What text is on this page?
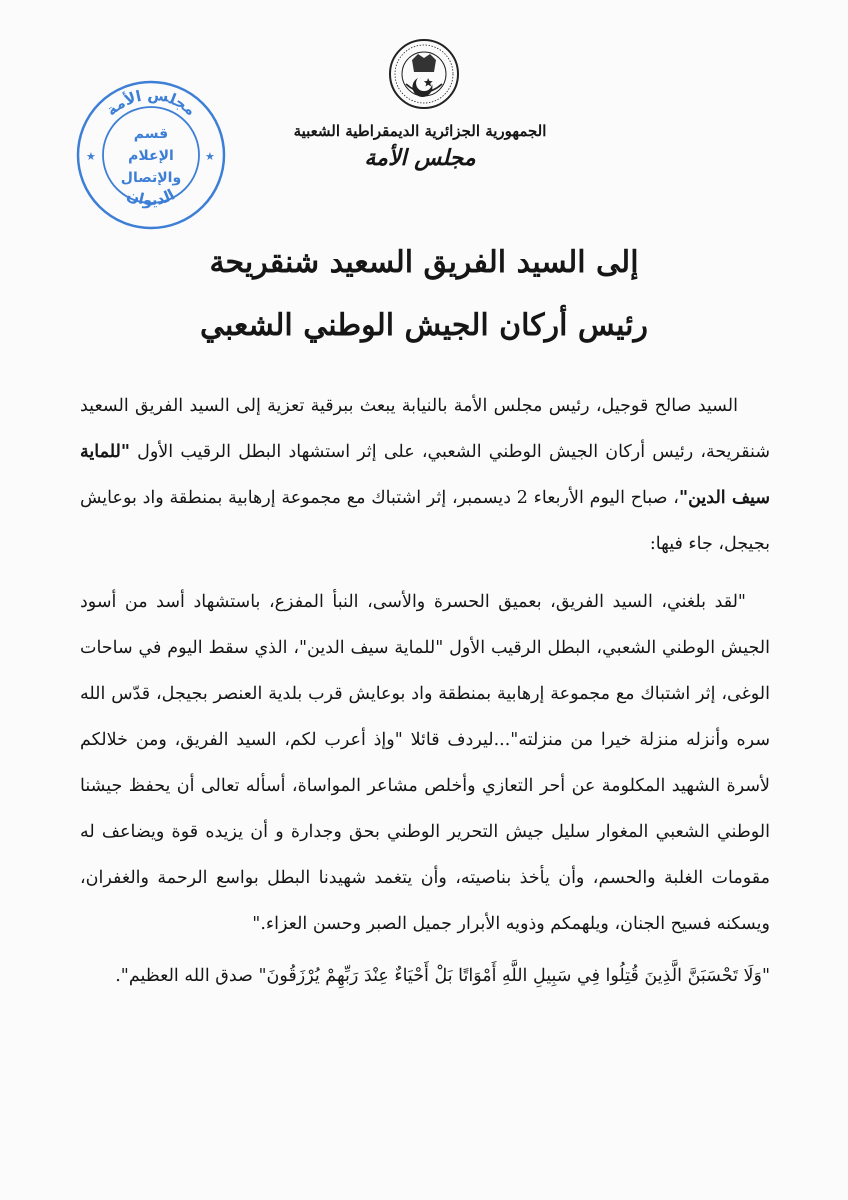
مجلس الأمة
الديوان
★	★
قسم
الإعلام
والإتصال
الجمهورية الجزائرية الديمقراطية الشعبية
مجلس الأمة
إلى السيد الفريق السعيد شنقريحة
رئيس أركان الجيش الوطني الشعبي

السيد صالح قوجيل، رئيس مجلس الأمة بالنيابة يبعث ببرقية تعزية إلى السيد الفريق السعيد شنقريحة، رئيس أركان الجيش الوطني الشعبي، على إثر استشهاد البطل الرقيب الأول "للماية سيف الدين"، صباح اليوم الأربعاء 2 ديسمبر، إثر اشتباك مع مجموعة إرهابية بمنطقة واد بوعايش بجيجل، جاء فيها:

"لقد بلغني، السيد الفريق، بعميق الحسرة والأسى، النبأ المفزع، باستشهاد أسد من أسود الجيش الوطني الشعبي، البطل الرقيب الأول "للماية سيف الدين"، الذي سقط اليوم في ساحات الوغى، إثر اشتباك مع مجموعة إرهابية بمنطقة واد بوعايش قرب بلدية العنصر بجيجل، قدّس الله سره وأنزله منزلة خيرا من منزلته"...ليردف قائلا "وإذ أعرب لكم، السيد الفريق، ومن خلالكم لأسرة الشهيد المكلومة عن أحر التعازي وأخلص مشاعر المواساة، أسأله تعالى أن يحفظ جيشنا الوطني الشعبي المغوار سليل جيش التحرير الوطني بحق وجدارة و أن يزيده قوة ويضاعف له مقومات الغلبة والحسم، وأن يأخذ بناصيته، وأن يتغمد شهيدنا البطل بواسع الرحمة والغفران، ويسكنه فسيح الجنان، ويلهمكم وذويه الأبرار جميل الصبر وحسن العزاء."

"وَلَا تَحْسَبَنَّ الَّذِينَ قُتِلُوا فِي سَبِيلِ اللَّهِ أَمْوَاتًا بَلْ أَحْيَاءٌ عِنْدَ رَبِّهِمْ يُرْزَقُونَ" صدق الله العظيم".
